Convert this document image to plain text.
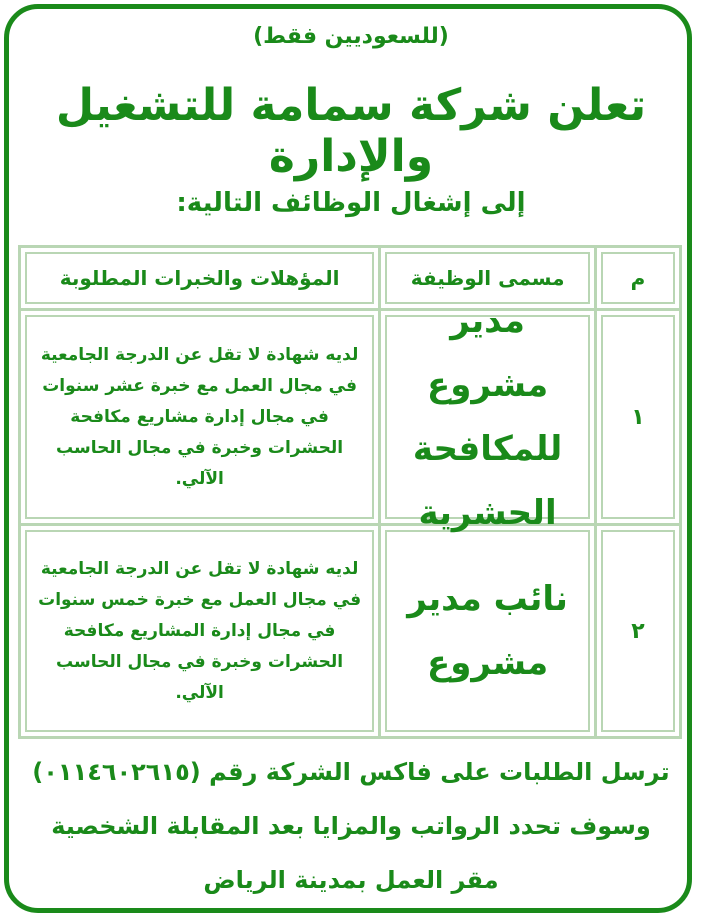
(للسعوديين فقط)
تعلن شركة سمامة للتشغيل والإدارة
إلى إشغال الوظائف التالية:
م	مسمى الوظيفة	المؤهلات والخبرات المطلوبة

١	مدير مشروع للمكافحة الحشرية	لديه شهادة لا تقل عن الدرجة الجامعية في مجال العمل مع خبرة عشر سنوات في مجال إدارة مشاريع مكافحة الحشرات وخبرة في مجال الحاسب الآلي.

٢	نائب مدير مشروع	لديه شهادة لا تقل عن الدرجة الجامعية في مجال العمل مع خبرة خمس سنوات في مجال إدارة المشاريع مكافحة الحشرات وخبرة في مجال الحاسب الآلي.
ترسل الطلبات على فاكس الشركة رقم (٠١١٤٦٠٢٦١٥)
وسوف تحدد الرواتب والمزايا بعد المقابلة الشخصية
مقر العمل بمدينة الرياض
